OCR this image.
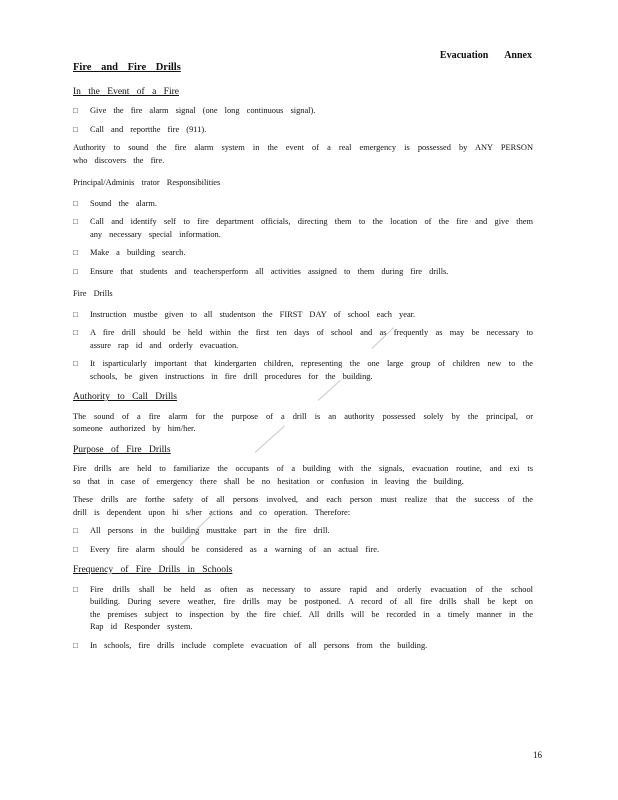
Evacuation Annex
Fire and Fire Drills
In the Event of a Fire
□ Give the fire alarm signal (one long continuous signal).
□ Call and reportthe fire (911).
Authority to sound the fire alarm system in the event of a real emergency is possessed by ANY PERSON who discovers the fire.
Principal/Adminis trator Responsibilities
□ Sound the alarm.
□ Call and identify self to fire department officials, directing them to the location of the fire and give them any necessary special information.
□ Make a building search.
□ Ensure that students and teachersperform all activities assigned to them during fire drills.
Fire Drills
□ Instruction mustbe given to all studentson the FIRST DAY of school each year.
□ A fire drill should be held within the first ten days of school and as frequently as may be necessary to assure rap id and orderly evacuation.
□ It isparticularly important that kindergarten children, representing the one large group of children new to the schools, be given instructions in fire drill procedures for the building.
Authority to Call Drills
The sound of a fire alarm for the purpose of a drill is an authority possessed solely by the principal, or someone authorized by him/her.
Purpose of Fire Drills
Fire drills are held to familiarize the occupants of a building with the signals, evacuation routine, and exi ts so that in case of emergency there shall be no hesitation or confusion in leaving the building.
These drills are forthe safety of all persons involved, and each person must realize that the success of the drill is dependent upon hi s/her actions and co operation. Therefore:
□ All persons in the building musttake part in the fire drill.
□ Every fire alarm should be considered as a warning of an actual fire.
Frequency of Fire Drills in Schools
□ Fire drills shall be held as often as necessary to assure rapid and orderly evacuation of the school building. During severe weather, fire drills may be postponed. A record of all fire drills shall be kept on the premises subject to inspection by the fire chief. All drills will be recorded in a timely manner in the Rap id Responder system.
□ In schools, fire drills include complete evacuation of all persons from the building.
16
